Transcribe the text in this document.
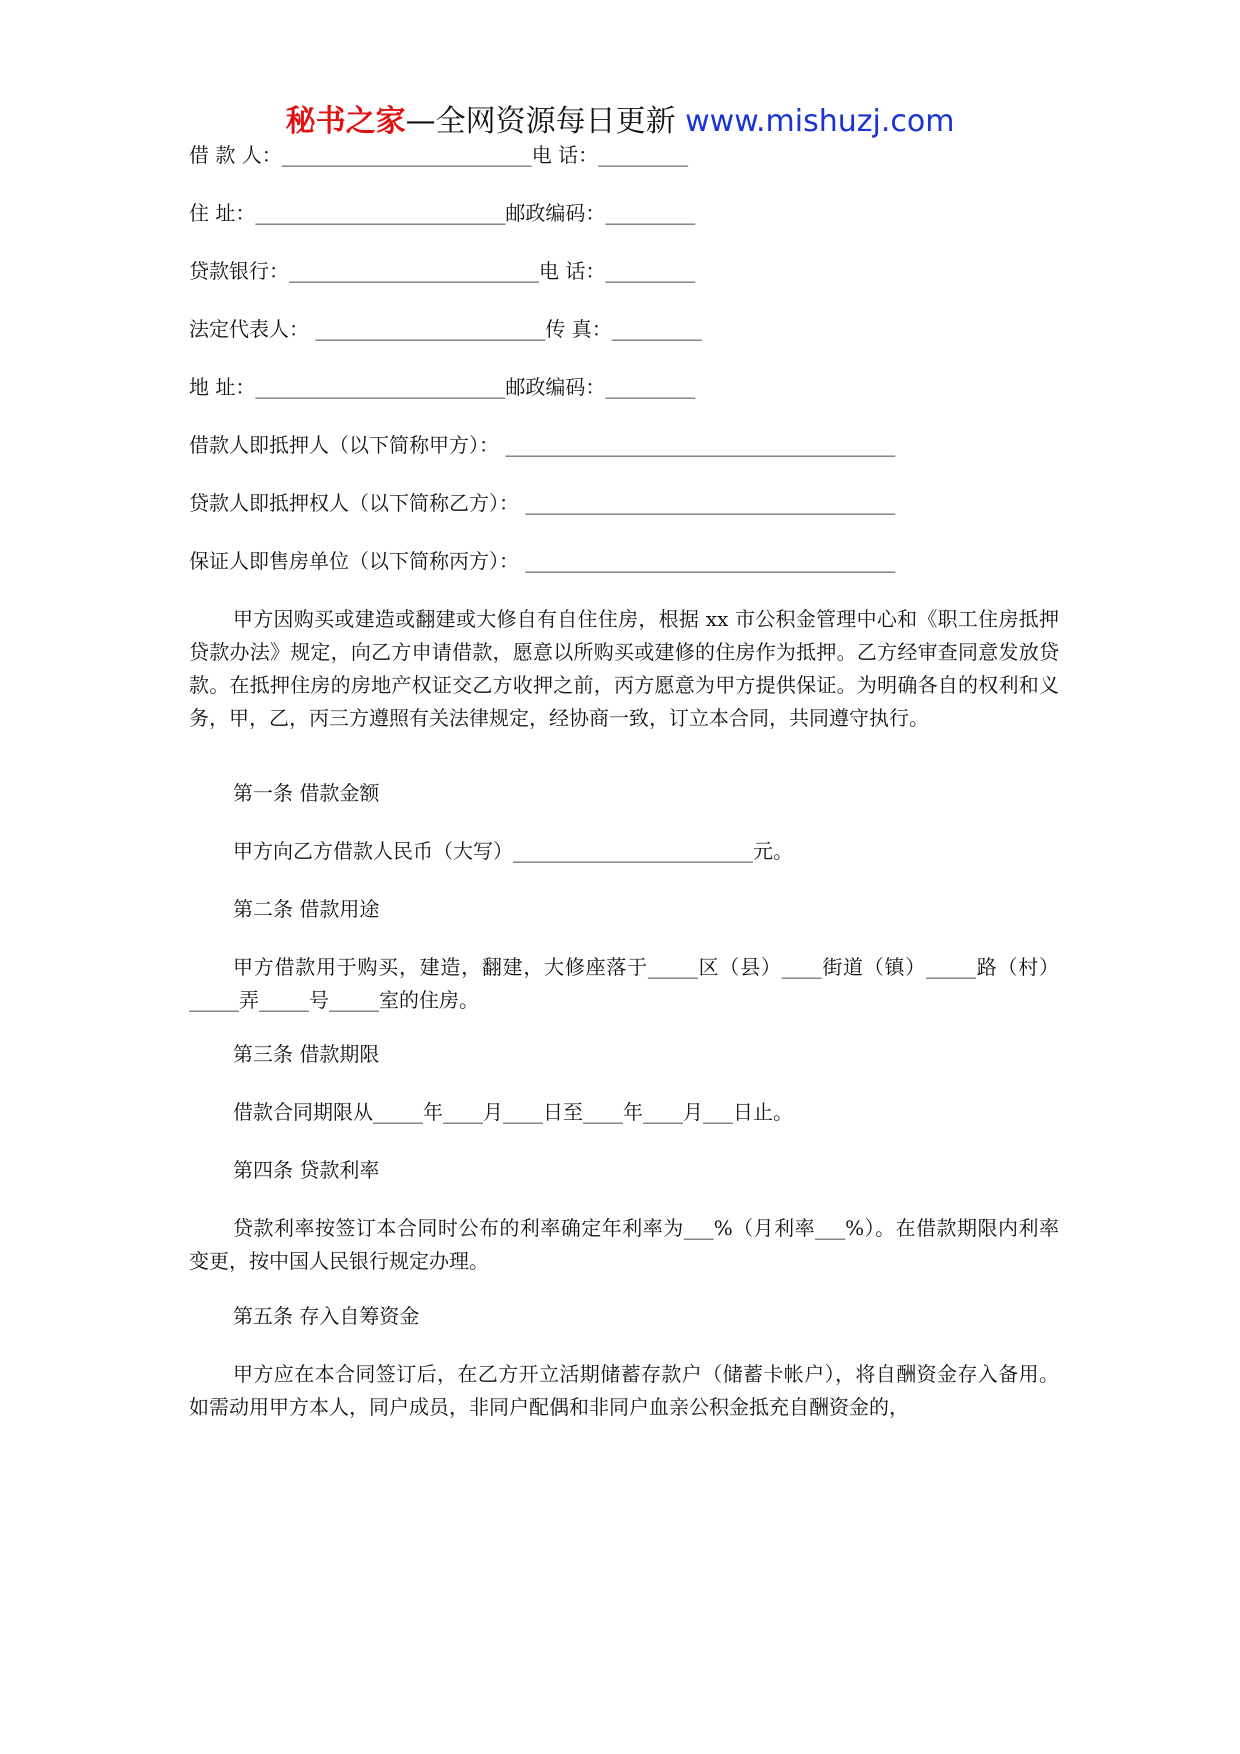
秘书之家—全网资源每日更新 www.mishuzj.com
借 款 人：_________________________电 话：_________
住 址：_________________________邮政编码：_________
贷款银行：_________________________电 话：_________
法定代表人： _______________________传 真：_________
地 址：_________________________邮政编码：_________
借款人即抵押人（以下简称甲方）： _______________________________________
贷款人即抵押权人（以下简称乙方）： _____________________________________
保证人即售房单位（以下简称丙方）： _____________________________________
甲方因购买或建造或翻建或大修自有自住住房，根据 xx 市公积金管理中心和《职工住房抵押贷款办法》规定，向乙方申请借款，愿意以所购买或建修的住房作为抵押。乙方经审查同意发放贷款。在抵押住房的房地产权证交乙方收押之前，丙方愿意为甲方提供保证。为明确各自的权利和义务，甲，乙，丙三方遵照有关法律规定，经协商一致，订立本合同，共同遵守执行。
第一条 借款金额
甲方向乙方借款人民币（大写）________________________元。
第二条 借款用途
甲方借款用于购买，建造，翻建，大修座落于_____区（县）____街道（镇）_____路（村）_____弄_____号_____室的住房。
第三条 借款期限
借款合同期限从_____年____月____日至____年____月___日止。
第四条 贷款利率
贷款利率按签订本合同时公布的利率确定年利率为___%（月利率___%）。在借款期限内利率变更，按中国人民银行规定办理。
第五条 存入自筹资金
甲方应在本合同签订后，在乙方开立活期储蓄存款户（储蓄卡帐户），将自酬资金存入备用。如需动用甲方本人，同户成员，非同户配偶和非同户血亲公积金抵充自酬资金的，
